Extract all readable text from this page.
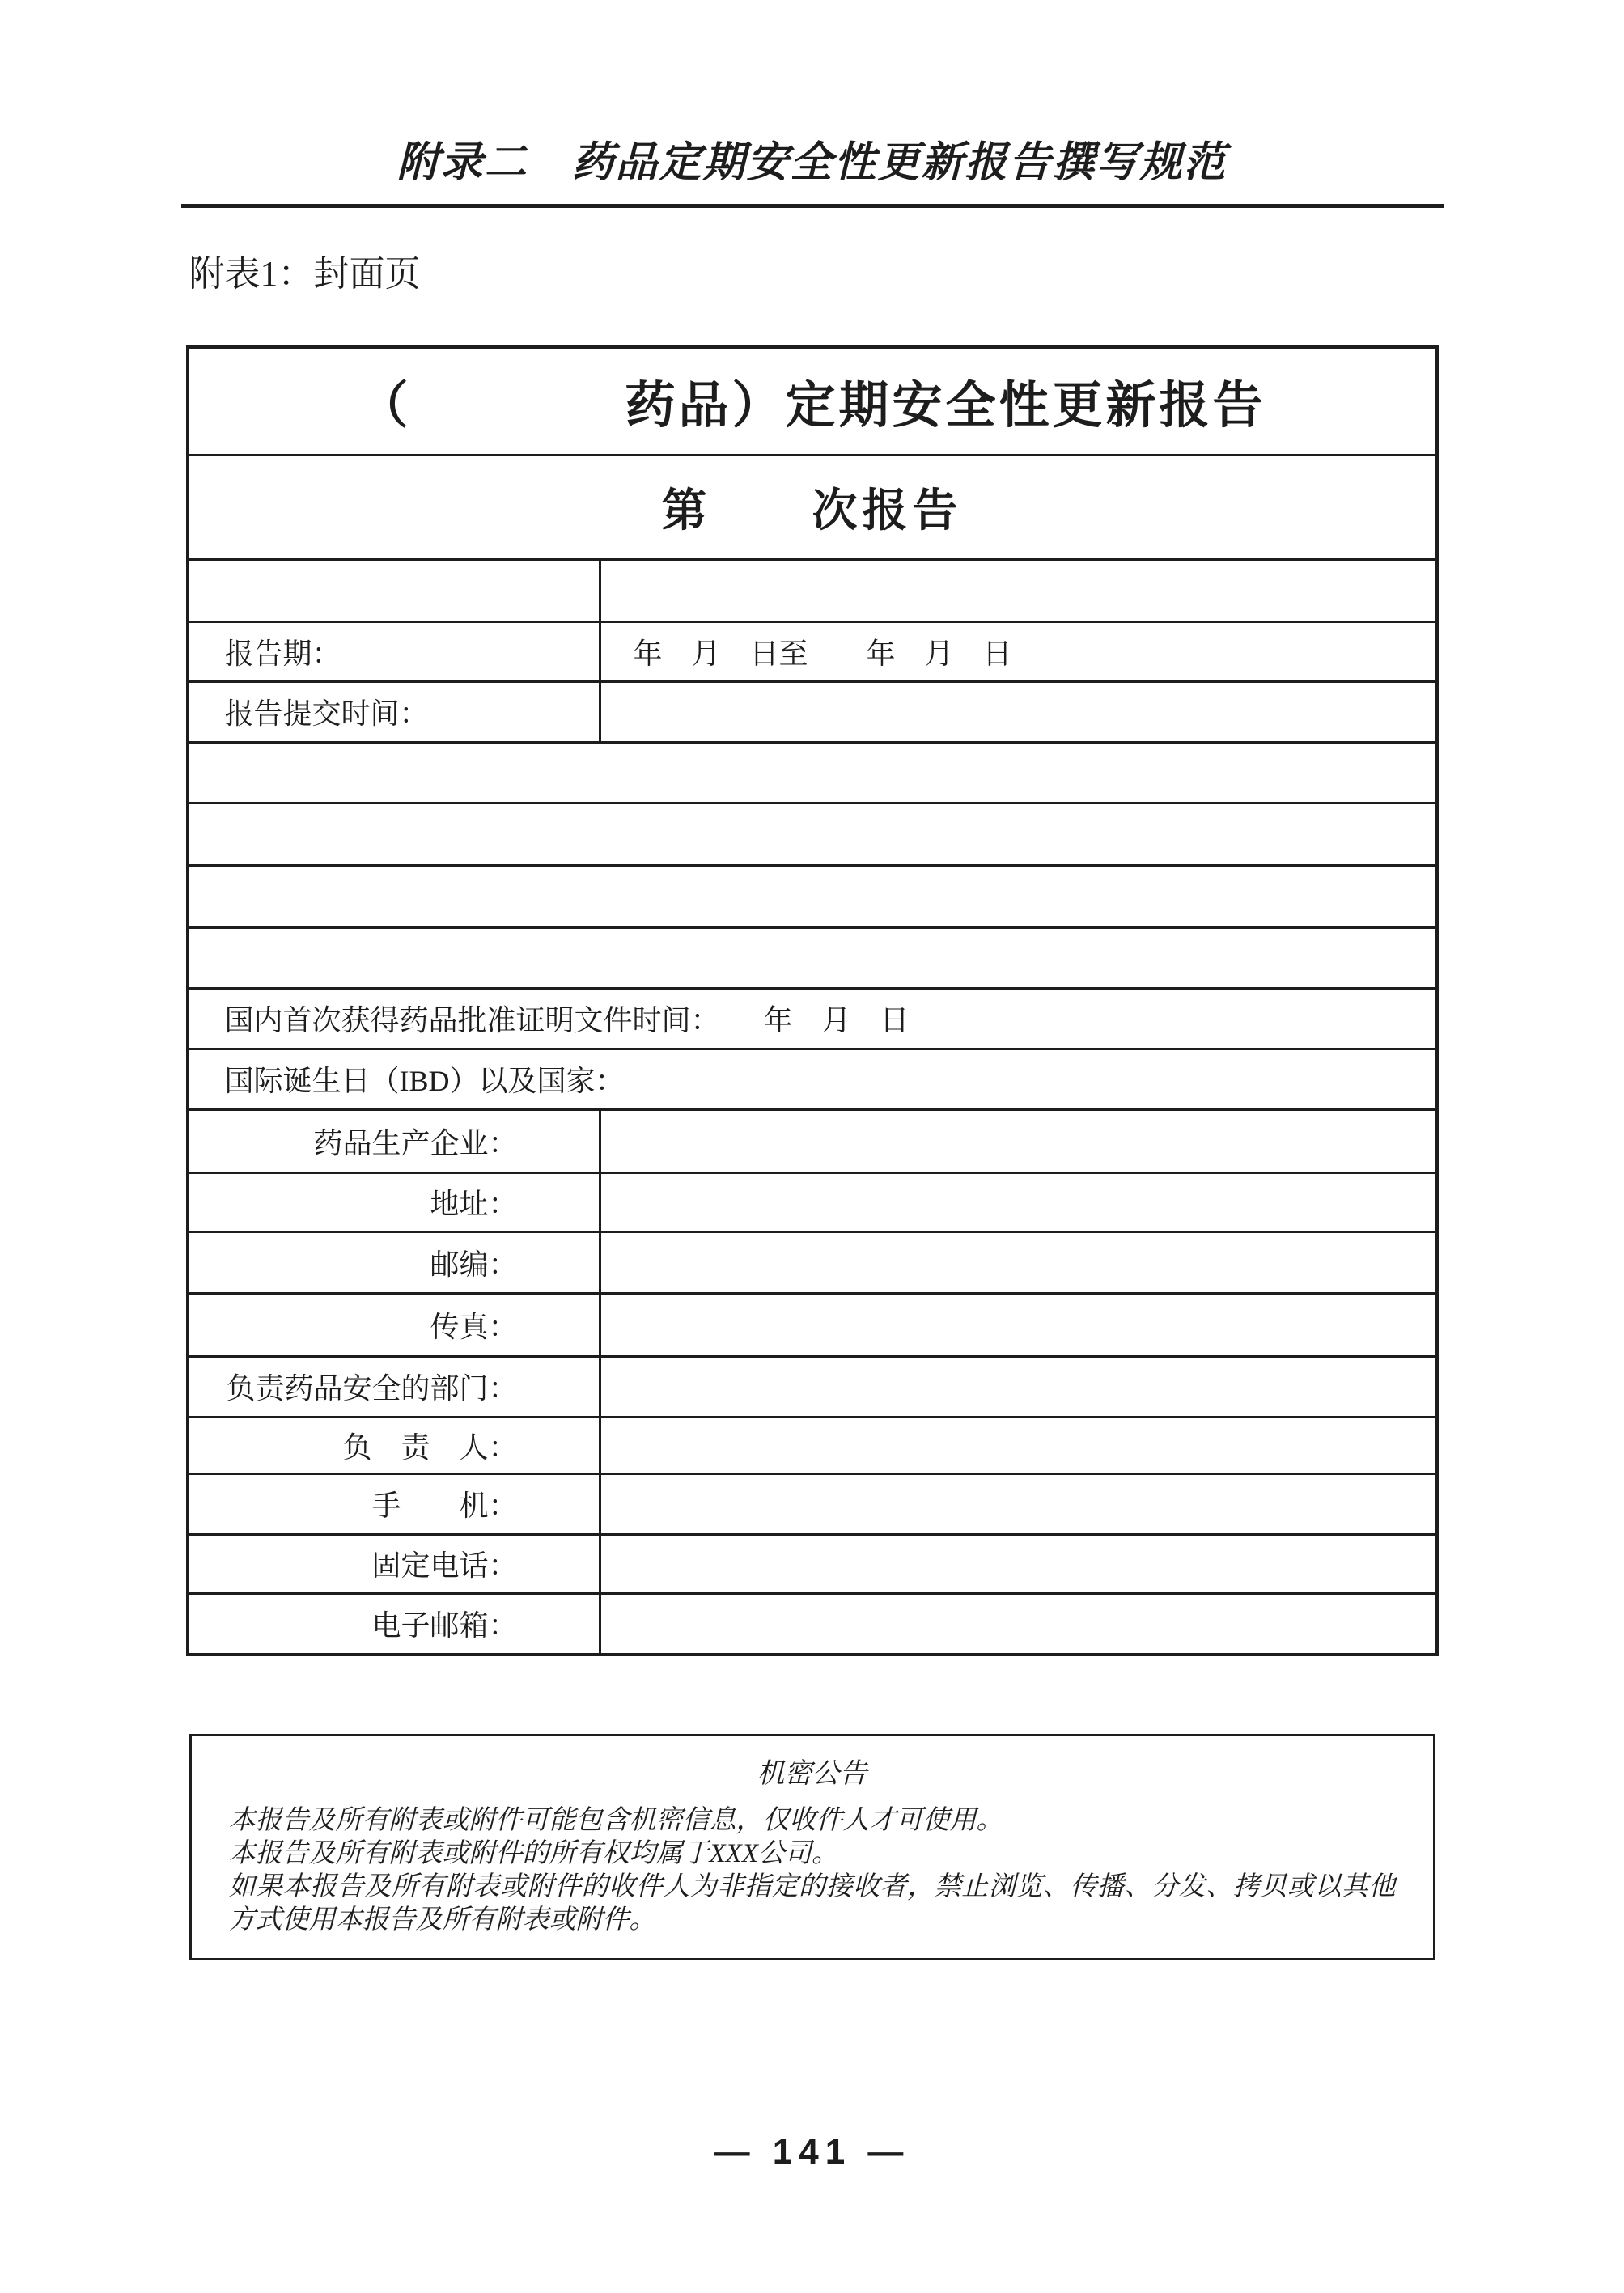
附录二　药品定期安全性更新报告撰写规范
附表1：封面页
（　　　　药品）定期安全性更新报告
第　　次报告
报告期：	年　月　日至　　年　月　日
报告提交时间：
国内首次获得药品批准证明文件时间：　　年　月　日
国际诞生日（IBD）以及国家：
药品生产企业：
地址：
邮编：
传真：
负责药品安全的部门：
负　责　人：
手　　机：
固定电话：
电子邮箱：
机密公告

本报告及所有附表或附件可能包含机密信息，仅收件人才可使用。

本报告及所有附表或附件的所有权均属于XXX公司。

如果本报告及所有附表或附件的收件人为非指定的接收者，禁止浏览、传播、分发、拷贝或以其他方式使用本报告及所有附表或附件。

— 141 —
